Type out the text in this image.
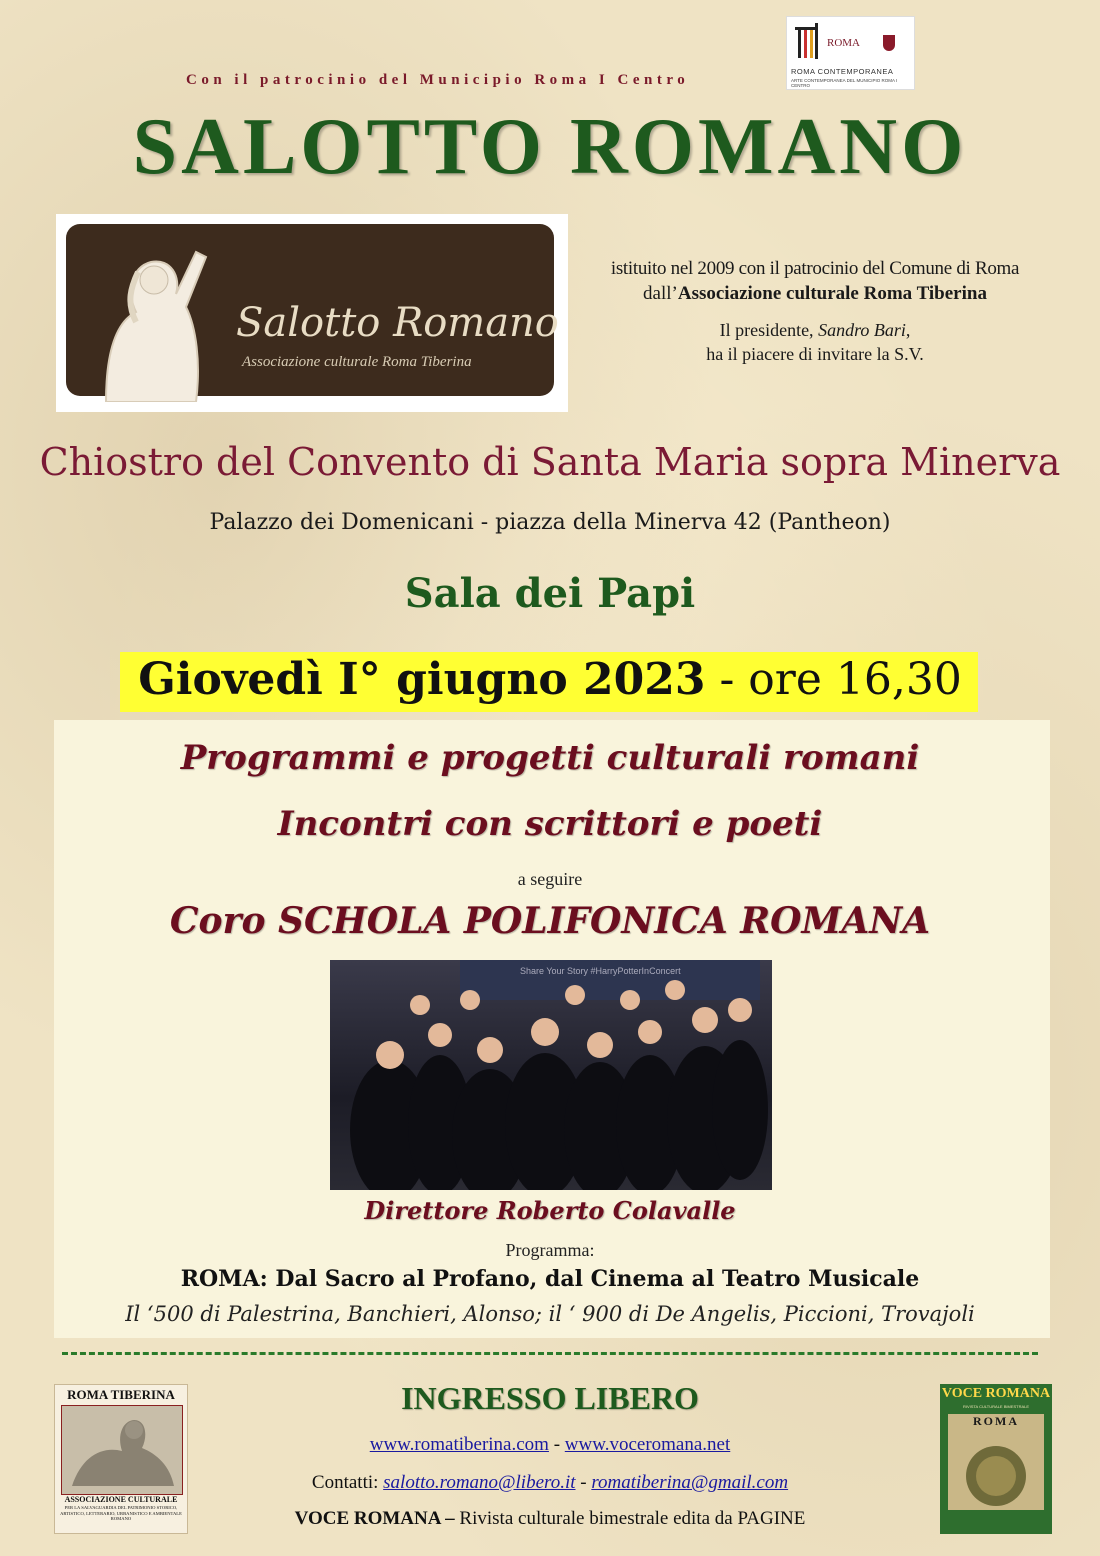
Con il patrocinio del Municipio Roma I Centro
ROMA
ROMA CONTEMPORANEA
ARTE CONTEMPORANEA DEL MUNICIPIO ROMA I CENTRO
SALOTTO ROMANO
Salotto Romano
Associazione culturale Roma Tiberina
istituito nel 2009 con il patrocinio del Comune di Roma
dall’Associazione culturale Roma Tiberina
Il presidente, Sandro Bari,
ha il piacere di invitare la S.V.
Chiostro del Convento di Santa Maria sopra Minerva
Palazzo dei Domenicani - piazza della Minerva 42 (Pantheon)
Sala dei Papi
Giovedì I° giugno 2023 - ore 16,30
Programmi e progetti culturali romani
Incontri con scrittori e poeti
a seguire
Coro SCHOLA POLIFONICA ROMANA
Share Your Story #HarryPotterInConcert
Direttore Roberto Colavalle
Programma:
ROMA: Dal Sacro al Profano, dal Cinema al Teatro Musicale
Il ‘500 di Palestrina, Banchieri, Alonso; il ‘ 900 di De Angelis, Piccioni, Trovajoli
ROMA TIBERINA
ASSOCIAZIONE CULTURALE
PER LA SALVAGUARDIA DEL PATRIMONIO STORICO, ARTISTICO, LETTERARIO, URBANISTICO E AMBIENTALE ROMANO
VOCE ROMANA
RIVISTA CULTURALE BIMESTRALE
ROMA
INGRESSO LIBERO
www.romatiberina.com - www.voceromana.net
Contatti: salotto.romano@libero.it - romatiberina@gmail.com
VOCE ROMANA – Rivista culturale bimestrale edita da PAGINE
